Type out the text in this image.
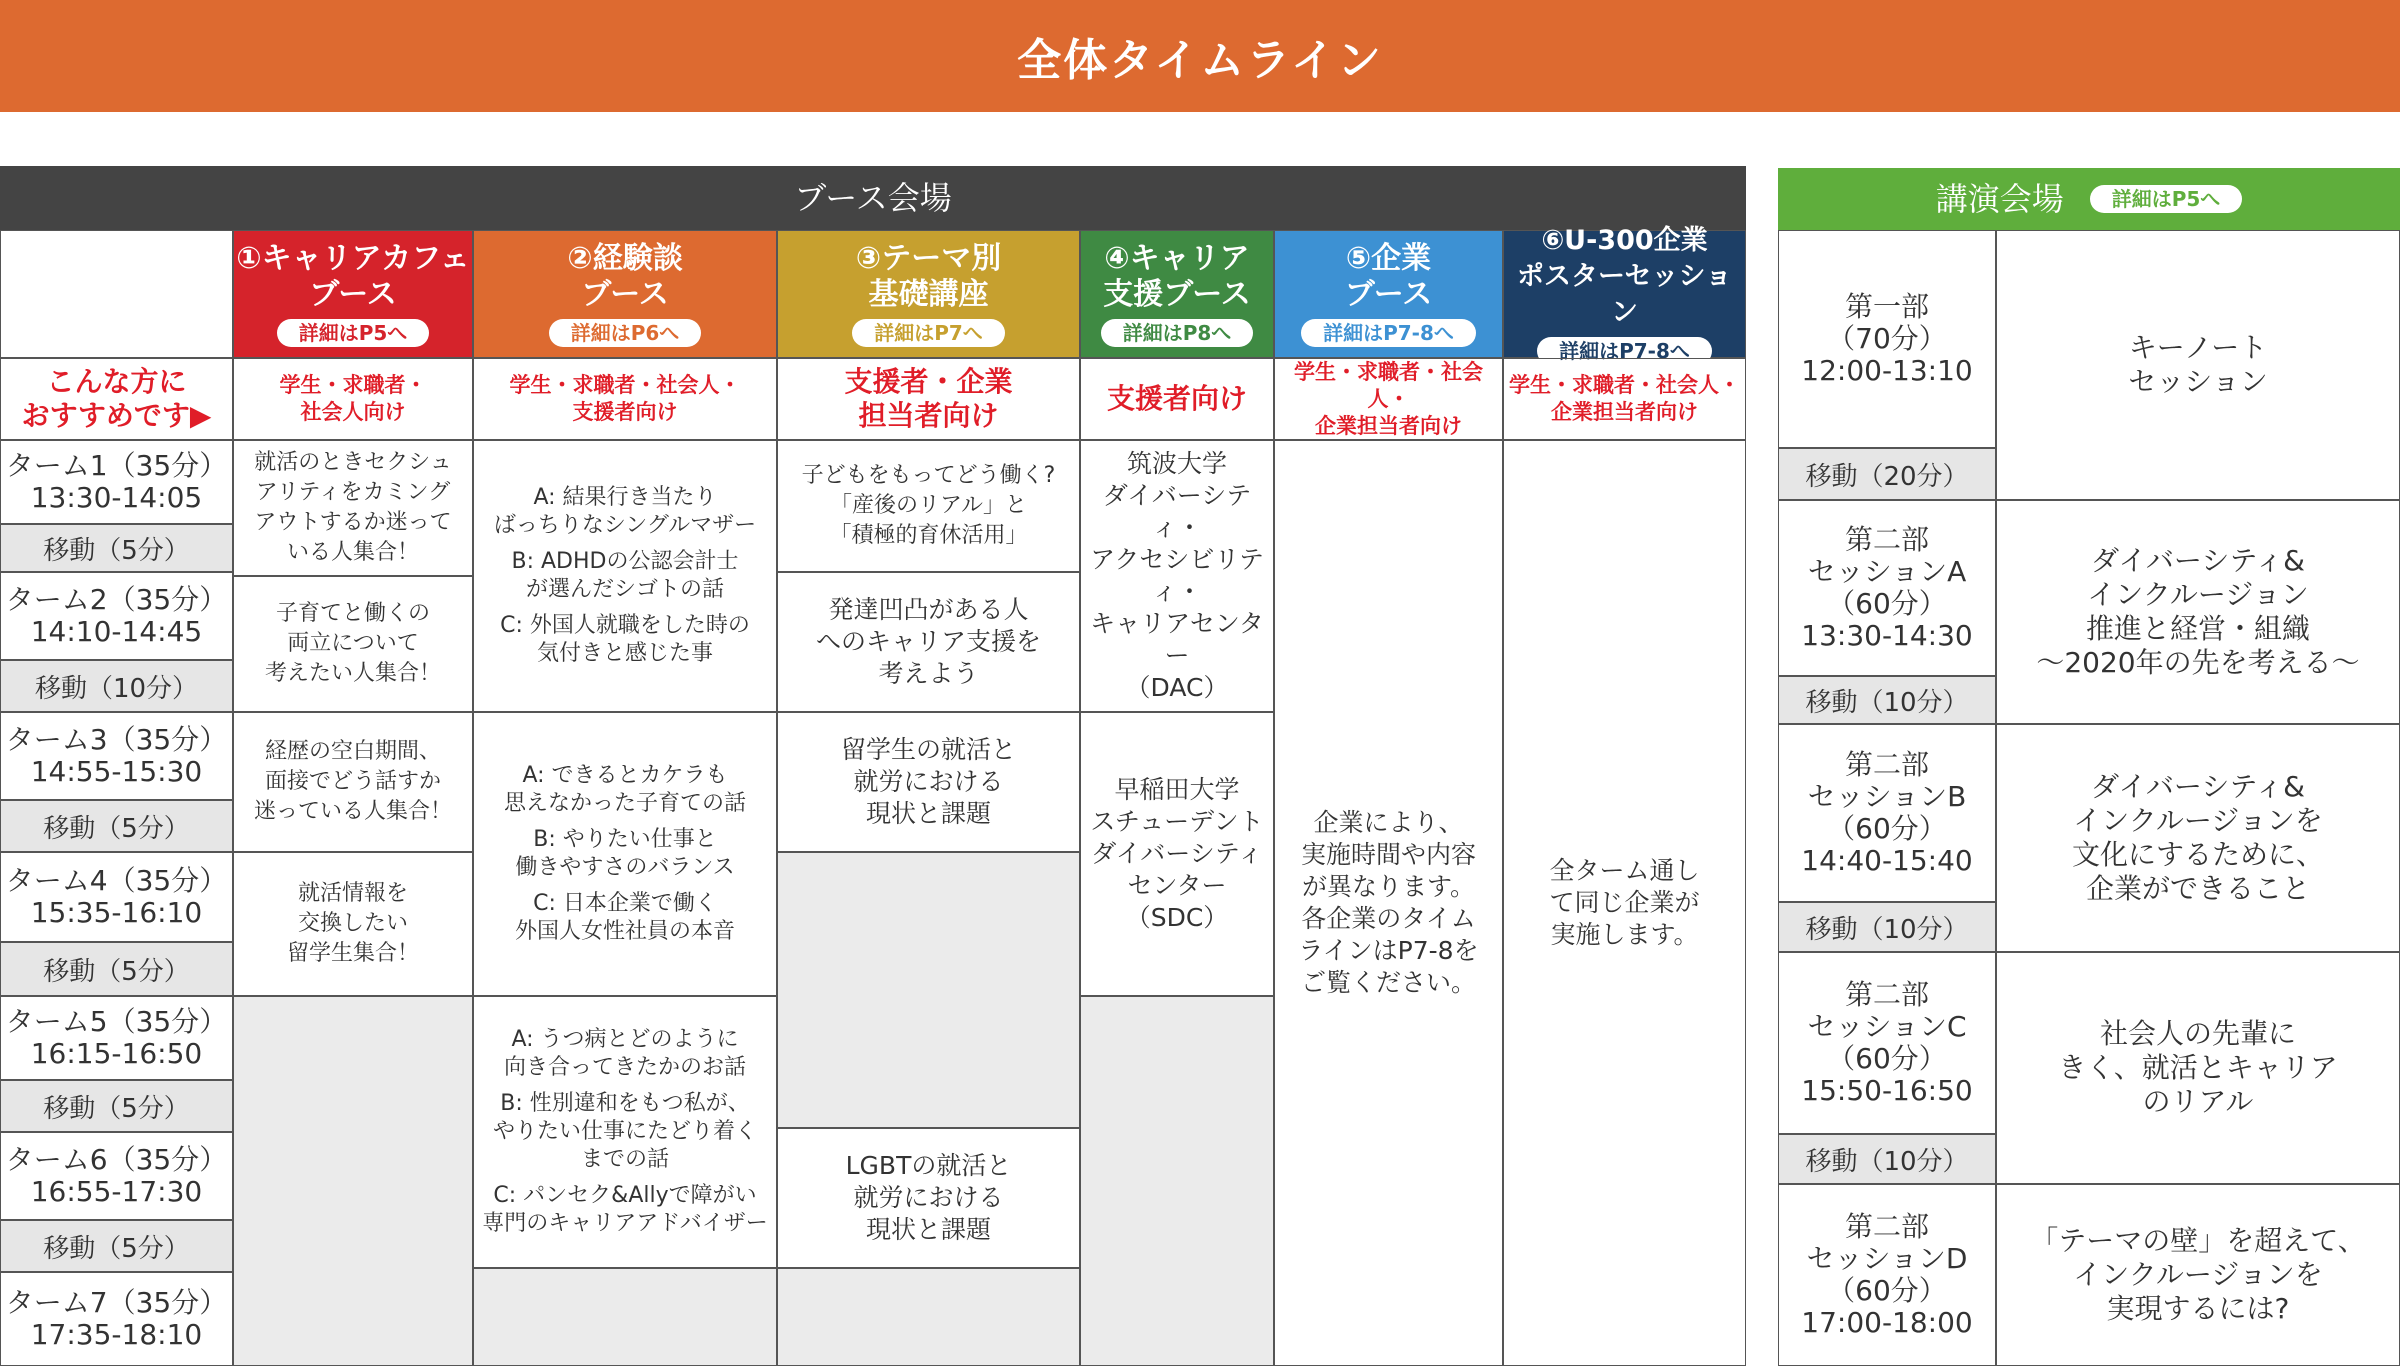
全体タイムライン
ブース会場
こんな方に
おすすめです▶
①キャリアカフェ
ブース
詳細はP5へ
学生・求職者・
社会人向け
②経験談
ブース
詳細はP6へ
学生・求職者・社会人・
支援者向け
③テーマ別
基礎講座
詳細はP7へ
支援者・企業
担当者向け
④キャリア
支援ブース
詳細はP8へ
支援者向け
⑤企業
ブース
詳細はP7-8へ
学生・求職者・社会人・
企業担当者向け
⑥U-300企業
ポスターセッション
詳細はP7-8へ
学生・求職者・社会人・
企業担当者向け
ターム1（35分）
13:30-14:05
移動（5分）
ターム2（35分）
14:10-14:45
移動（10分）
ターム3（35分）
14:55-15:30
移動（5分）
ターム4（35分）
15:35-16:10
移動（5分）
ターム5（35分）
16:15-16:50
移動（5分）
ターム6（35分）
16:55-17:30
移動（5分）
ターム7（35分）
17:35-18:10
就活のときセクシュ
アリティをカミング
アウトするか迷って
いる人集合！
子育てと働くの
両立について
考えたい人集合！
経歴の空白期間、
面接でどう話すか
迷っている人集合！
就活情報を
交換したい
留学生集合！
A: 結果行き当たり
ばっちりなシングルマザー
B: ADHDの公認会計士
が選んだシゴトの話
C: 外国人就職をした時の
気付きと感じた事
A: できるとカケラも
思えなかった子育ての話
B: やりたい仕事と
働きやすさのバランス
C: 日本企業で働く
外国人女性社員の本音
A: うつ病とどのように
向き合ってきたかのお話
B: 性別違和をもつ私が、
やりたい仕事にたどり着く
までの話
C: パンセク&Allyで障がい
専門のキャリアアドバイザー
子どもをもってどう働く?
「産後のリアル」と
「積極的育休活用」
発達凹凸がある人
へのキャリア支援を
考えよう
留学生の就活と
就労における
現状と課題
LGBTの就活と
就労における
現状と課題
筑波大学
ダイバーシティ・
アクセシビリティ・
キャリアセンター
（DAC）
早稲田大学
スチューデント
ダイバーシティ
センター
（SDC）
企業により、
実施時間や内容
が異なります。
各企業のタイム
ラインはP7-8を
ご覧ください。
全ターム通し
て同じ企業が
実施します。
講演会場	詳細はP5へ
第一部
（70分）
12:00-13:10
キーノート
セッション
移動（20分）
第二部
セッションA
（60分）
13:30-14:30
ダイバーシティ&
インクルージョン
推進と経営・組織
〜2020年の先を考える〜
移動（10分）
第二部
セッションB
（60分）
14:40-15:40
ダイバーシティ&
インクルージョンを
文化にするために、
企業ができること
移動（10分）
第二部
セッションC
（60分）
15:50-16:50
社会人の先輩に
きく、就活とキャリア
のリアル
移動（10分）
第二部
セッションD
（60分）
17:00-18:00
「テーマの壁」を超えて、
インクルージョンを
実現するには?
